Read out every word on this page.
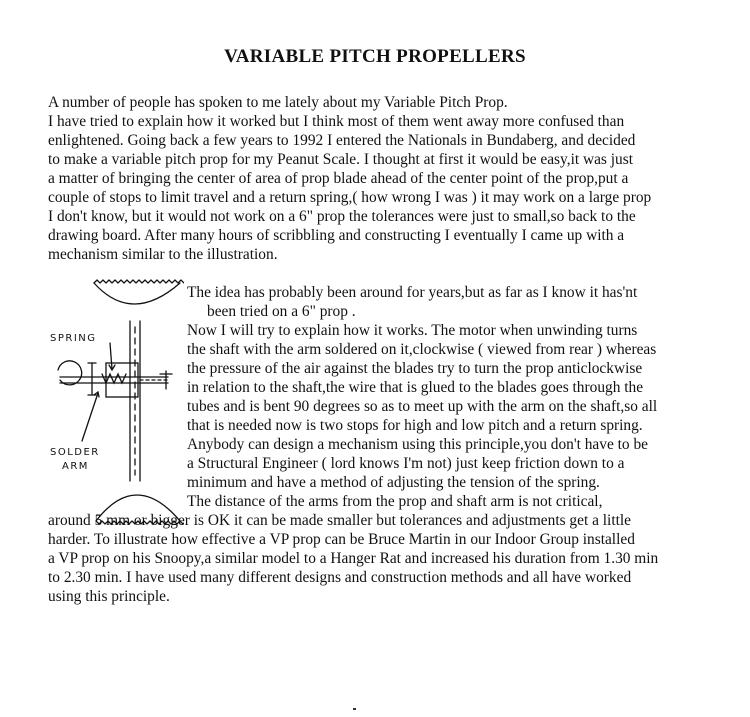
VARIABLE PITCH PROPELLERS
A number of people has spoken to me lately about my Variable Pitch Prop.
I have tried to explain how it worked but I think most of them went away more confused than
enlightened. Going back a few years to 1992 I entered the Nationals in Bundaberg, and decided
to make a variable pitch prop for my Peanut Scale. I thought at first it would be easy,it was just
a matter of bringing the center of area of prop blade ahead of the center point of the prop,put a
couple of stops to limit travel and a return spring,( how wrong I was ) it may work on a large prop
I don't know, but it would not work on a 6" prop the tolerances were just to small,so back to the
drawing board. After many hours of scribbling and constructing I eventually I came up with a
mechanism similar to the illustration.
The idea has probably been around for years,but as far as I know it has'nt
been tried on a 6" prop .
Now I will try to explain how it works. The motor when unwinding turns
the shaft with the arm soldered on it,clockwise ( viewed from rear ) whereas
the pressure of the air against the blades try to turn the prop anticlockwise
in relation to the shaft,the wire that is glued to the blades goes through the
tubes and is bent 90 degrees so as to meet up with the arm on the shaft,so all
that is needed now is two stops for high and low pitch and a return spring.
Anybody can design a mechanism using this principle,you don't have to be
a Structural Engineer ( lord knows I'm not) just keep friction down to a
minimum and have a method of adjusting the tension of the spring.
The distance of the arms from the prop and shaft arm is not critical,
around 5 mm or bigger is OK it can be made smaller but tolerances and adjustments get a little
harder. To illustrate how effective a VP prop can be Bruce Martin in our Indoor Group installed
a VP prop on his Snoopy,a similar model to a Hanger Rat and increased his duration from 1.30 min
to 2.30 min. I have used many different designs and construction methods and all have worked
using this principle.
SPRING
SOLDER
ARM
